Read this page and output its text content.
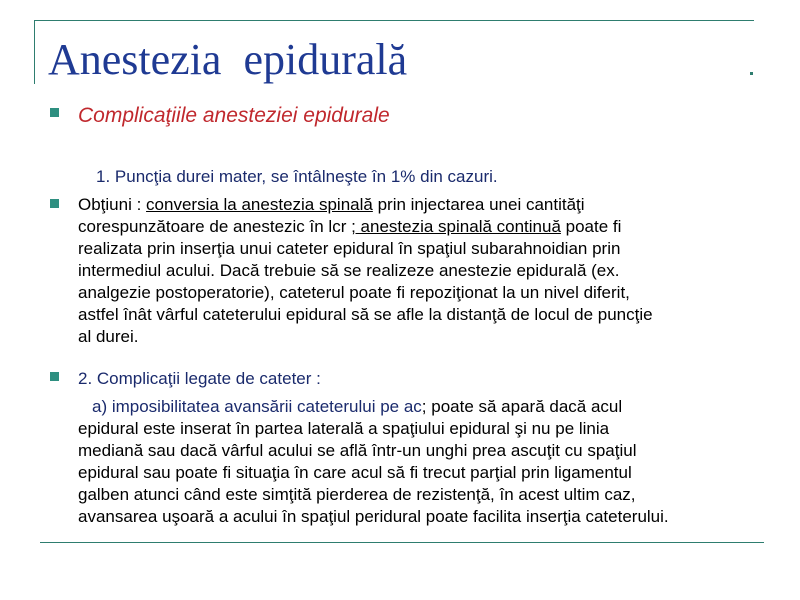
Anestezia  epidurală
Complicaţiile anesteziei epidurale
1. Puncţia durei mater, se întâlneşte în 1% din cazuri.
Obţiuni : conversia la anestezia spinală prin injectarea unei cantităţi
corespunzătoare de anestezic în lcr ; anestezia spinală continuă poate fi
realizata prin inserţia unui cateter epidural în spaţiul subarahnoidian prin
intermediul acului. Dacă trebuie să se realizeze anestezie epidurală (ex.
analgezie postoperatorie), cateterul poate fi repoziţionat la un nivel diferit,
astfel înât vârful cateterului epidural să se afle la distanţă de locul de puncţie
al durei.
2. Complicaţii legate de cateter :
a) imposibilitatea avansării cateterului pe ac; poate să apară dacă acul
epidural este inserat în partea laterală a spaţiului epidural şi nu pe linia
mediană sau dacă vârful acului se află într-un unghi prea ascuţit cu spaţiul
epidural sau poate fi situaţia în care acul să fi trecut parţial prin ligamentul
galben atunci când este simţită pierderea de rezistenţă, în acest ultim caz,
avansarea uşoară a acului în spaţiul peridural poate facilita inserţia cateterului.
